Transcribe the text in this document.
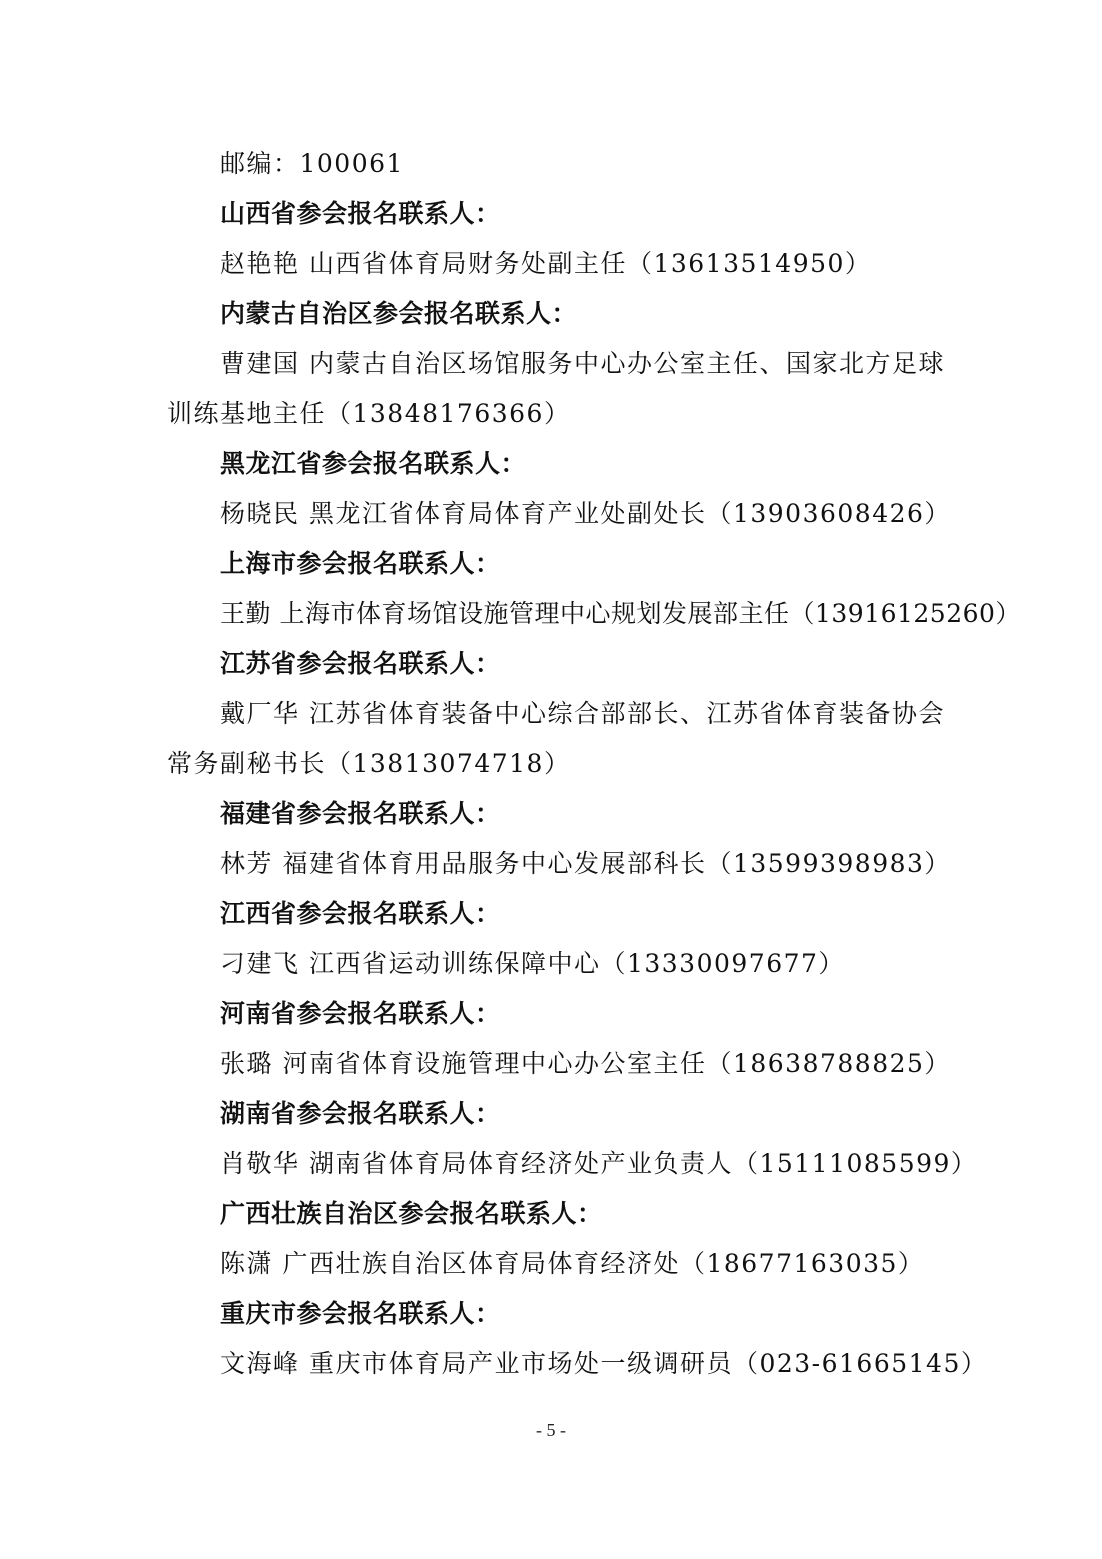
邮编：100061
山西省参会报名联系人：
赵艳艳 山西省体育局财务处副主任（13613514950）
内蒙古自治区参会报名联系人：
曹建国 内蒙古自治区场馆服务中心办公室主任、国家北方足球
训练基地主任（13848176366）
黑龙江省参会报名联系人：
杨晓民 黑龙江省体育局体育产业处副处长（13903608426）
上海市参会报名联系人：
王勤 上海市体育场馆设施管理中心规划发展部主任（13916125260）
江苏省参会报名联系人：
戴厂华 江苏省体育装备中心综合部部长、江苏省体育装备协会
常务副秘书长（13813074718）
福建省参会报名联系人：
林芳 福建省体育用品服务中心发展部科长（13599398983）
江西省参会报名联系人：
刁建飞 江西省运动训练保障中心（13330097677）
河南省参会报名联系人：
张璐 河南省体育设施管理中心办公室主任（18638788825）
湖南省参会报名联系人：
肖敬华 湖南省体育局体育经济处产业负责人（15111085599）
广西壮族自治区参会报名联系人：
陈潇 广西壮族自治区体育局体育经济处（18677163035）
重庆市参会报名联系人：
文海峰 重庆市体育局产业市场处一级调研员（023-61665145）
- 5 -
